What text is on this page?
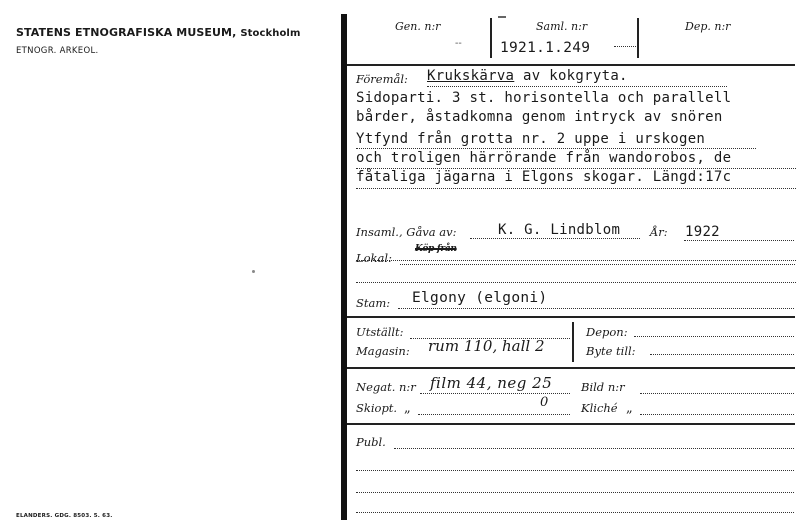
STATENS ETNOGRAFISKA MUSEUM, Stockholm
ETNOGR. ARKEOL.
ELANDERS. GDG. 8503. 5. 63.
Gen. n:r
--
Saml. n:r
1921.1.249
Dep. n:r
Föremål: Krukskärva av kokgryta.
Sidoparti. 3 st. horisontella och parallell
bårder, åstadkomna genom intryck av snören
Ytfynd från grotta nr. 2 uppe i urskogen
och troligen härrörande från wandorobos, de
fåtaliga jägarna i Elgons skogar. Längd:17c
Insaml., Gåva av:	K. G. Lindblom	År: 1922
Köp från
Lokal:
Stam: Elgony (elgoni)
Utställt:
Magasin: rum 110, hall 2
Depon:
Byte till:
Negat. n:r film 44, neg 25 Bild n:r
Skiopt. „	0	Kliché „
Publ.
